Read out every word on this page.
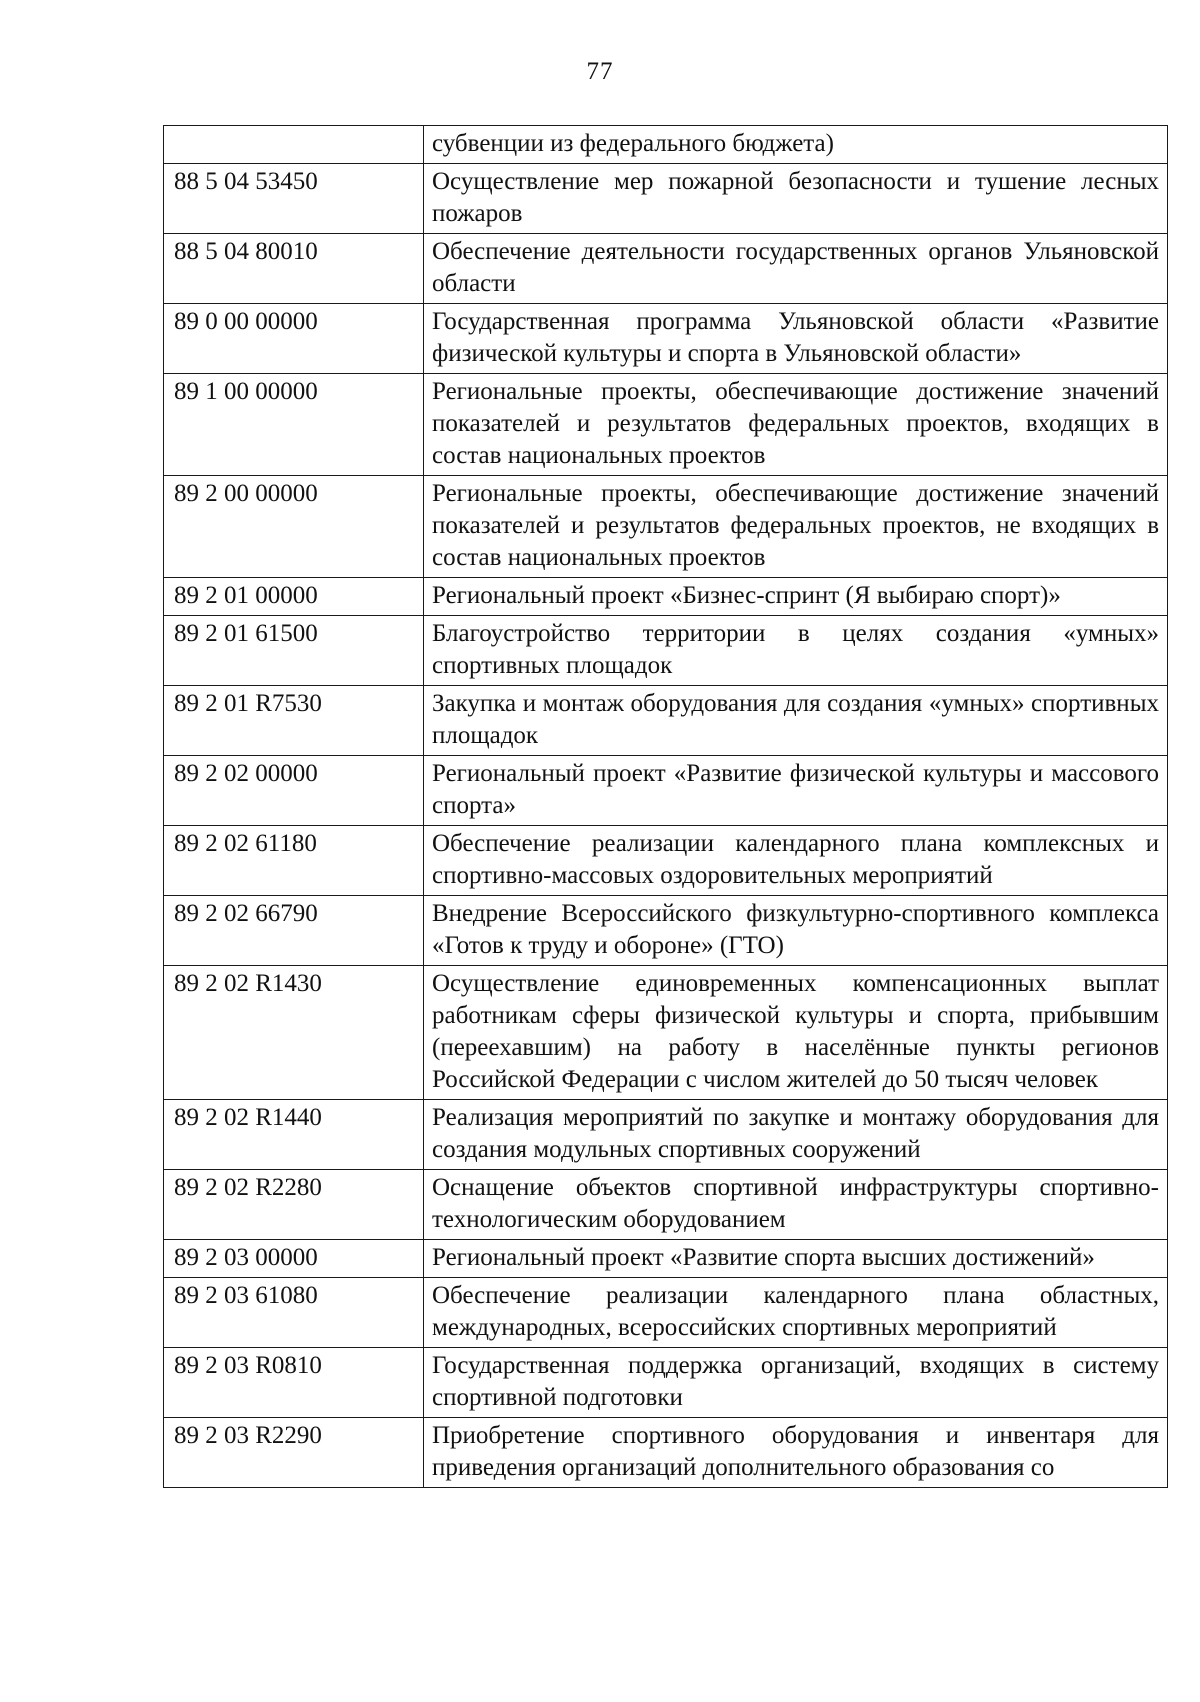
77
	субвенции из федерального бюджета)
88 5 04 53450	Осуществление мер пожарной безопасности и тушение лесных пожаров
88 5 04 80010	Обеспечение деятельности государственных органов Ульяновской области
89 0 00 00000	Государственная программа Ульяновской области «Развитие физической культуры и спорта в Ульяновской области»
89 1 00 00000	Региональные проекты, обеспечивающие достижение значений показателей и результатов федеральных проектов, входящих в состав национальных проектов
89 2 00 00000	Региональные проекты, обеспечивающие достижение значений показателей и результатов федеральных проектов, не входящих в состав национальных проектов
89 2 01 00000	Региональный проект «Бизнес-спринт (Я выбираю спорт)»
89 2 01 61500	Благоустройство территории в целях создания «умных» спортивных площадок
89 2 01 R7530	Закупка и монтаж оборудования для создания «умных» спортивных площадок
89 2 02 00000	Региональный проект «Развитие физической культуры и массового спорта»
89 2 02 61180	Обеспечение реализации календарного плана комплексных и спортивно-массовых оздоровительных мероприятий
89 2 02 66790	Внедрение Всероссийского физкультурно-спортивного комплекса «Готов к труду и обороне» (ГТО)
89 2 02 R1430	Осуществление единовременных компенсационных выплат работникам сферы физической культуры и спорта, прибывшим (переехавшим) на работу в населённые пункты регионов Российской Федерации с числом жителей до 50 тысяч человек
89 2 02 R1440	Реализация мероприятий по закупке и монтажу оборудования для создания модульных спортивных сооружений
89 2 02 R2280	Оснащение объектов спортивной инфраструктуры спортивно-технологическим оборудованием
89 2 03 00000	Региональный проект «Развитие спорта высших достижений»
89 2 03 61080	Обеспечение реализации календарного плана областных, международных, всероссийских спортивных мероприятий
89 2 03 R0810	Государственная поддержка организаций, входящих в систему спортивной подготовки
89 2 03 R2290	Приобретение спортивного оборудования и инвентаря для приведения организаций дополнительного образования со
